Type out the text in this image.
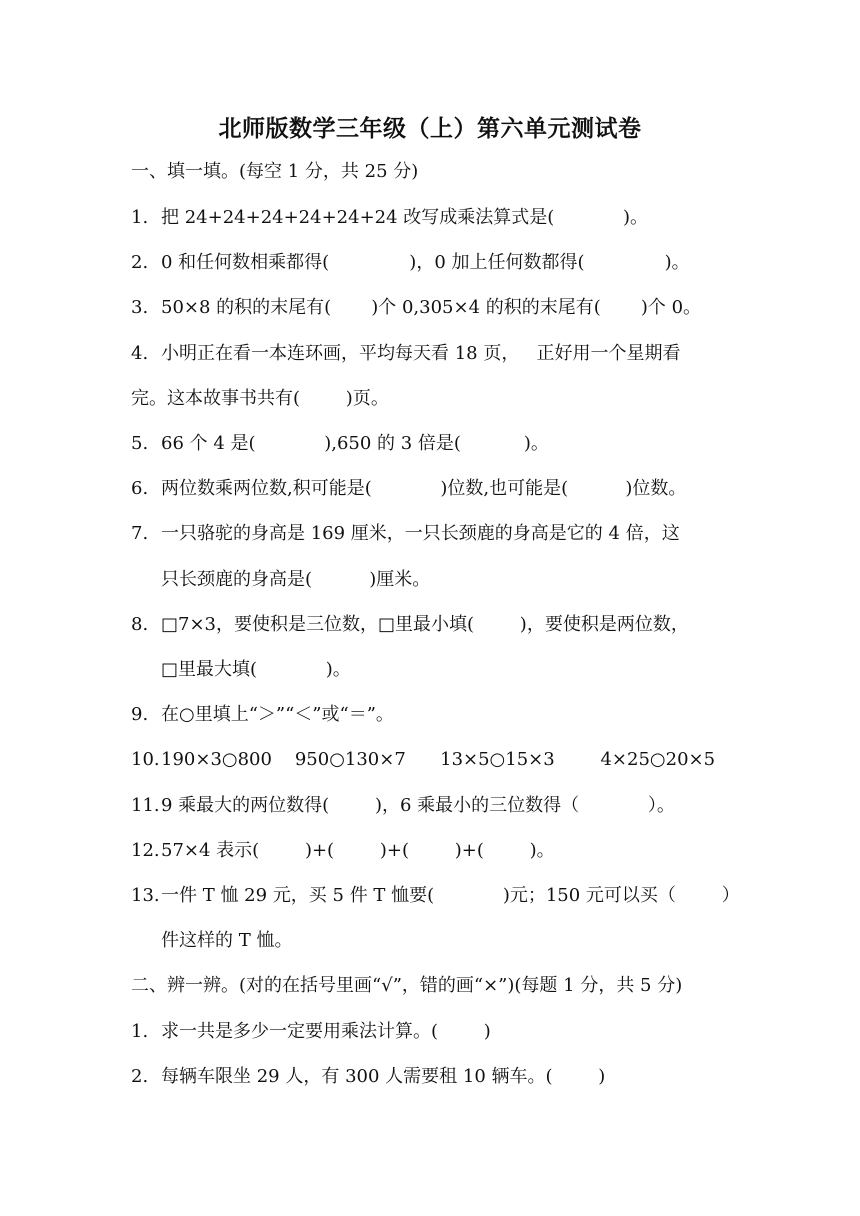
北师版数学三年级（上）第六单元测试卷
一、填一填。(每空 1 分，共 25 分)
1. 把 24+24+24+24+24+24 改写成乘法算式是(            )。
2. 0 和任何数相乘都得(              )，0 加上任何数都得(              )。
3. 50×8 的积的末尾有(       )个 0,305×4 的积的末尾有(       )个 0。
4. 小明正在看一本连环画，平均每天看 18 页，   正好用一个星期看
完。这本故事书共有(        )页。
5. 66 个 4 是(            ),650 的 3 倍是(           )。
6. 两位数乘两位数,积可能是(            )位数,也可能是(          )位数。
7. 一只骆驼的身高是 169 厘米，一只长颈鹿的身高是它的 4 倍，这
只长颈鹿的身高是(          )厘米。
8. □7×3，要使积是三位数，□里最小填(        )，要使积是两位数，
□里最大填(            )。
9. 在○里填上“＞”“＜”或“＝”。
10.190×3○800    950○130×7      13×5○15×3        4×25○20×5
11.9 乘最大的两位数得(        )，6 乘最小的三位数得（            ）。
12.57×4 表示(        )+(        )+(        )+(        )。
13.一件 T 恤 29 元，买 5 件 T 恤要(            )元；150 元可以买（        ）
件这样的 T 恤。
二、辨一辨。(对的在括号里画“√”，错的画“×”)(每题 1 分，共 5 分)
1. 求一共是多少一定要用乘法计算。(        )
2. 每辆车限坐 29 人，有 300 人需要租 10 辆车。(        )
